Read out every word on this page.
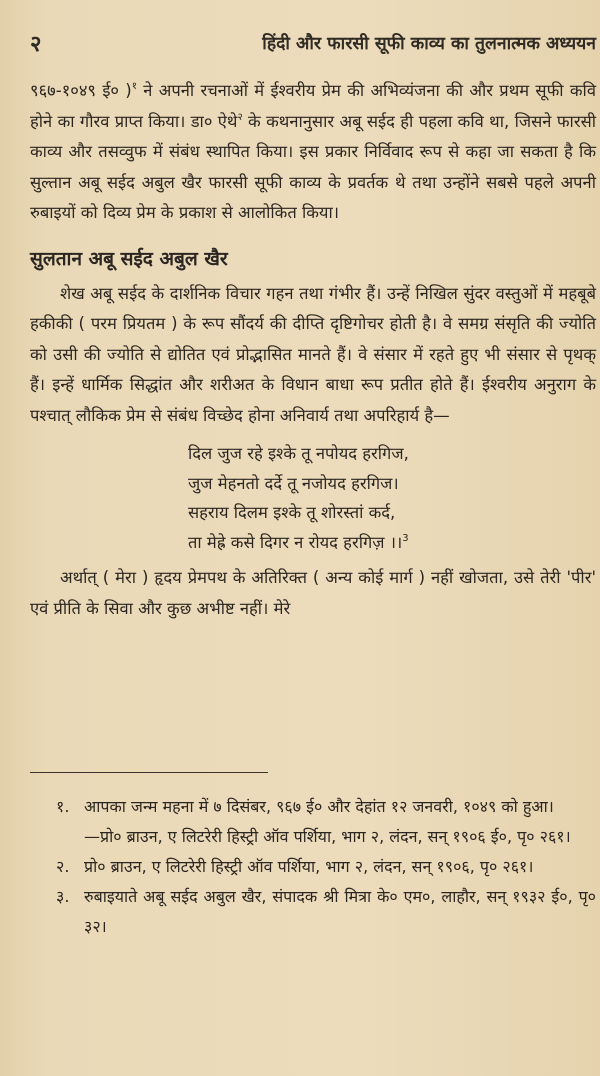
२	हिंदी और फारसी सूफी काव्य का तुलनात्मक अध्ययन

९६७-१०४९ ई० )$^१$ ने अपनी रचनाओं में ईश्वरीय प्रेम की अभिव्यंजना की और प्रथम सूफी कवि होने का गौरव प्राप्त किया। डा० ऐथे$^२$ के कथनानुसार अबू सईद ही पहला कवि था, जिसने फारसी काव्य और तसव्वुफ में संबंध स्थापित किया। इस प्रकार निर्विवाद रूप से कहा जा सकता है कि सुल्तान अबू सईद अबुल खैर फारसी सूफी काव्य के प्रवर्तक थे तथा उन्होंने सबसे पहले अपनी रुबाइयों को दिव्य प्रेम के प्रकाश से आलोकित किया।

सुलतान अबू सईद अबुल खैर

शेख अबू सईद के दार्शनिक विचार गहन तथा गंभीर हैं। उन्हें निखिल सुंदर वस्तुओं में महबूबे हकीकी ( परम प्रियतम ) के रूप सौंदर्य की दीप्ति दृष्टिगोचर होती है। वे समग्र संसृति की ज्योति को उसी की ज्योति से द्योतित एवं प्रोद्भासित मानते हैं। वे संसार में रहते हुए भी संसार से पृथक् हैं। इन्हें धार्मिक सिद्धांत और शरीअत के विधान बाधा रूप प्रतीत होते हैं। ईश्वरीय अनुराग के पश्चात् लौकिक प्रेम से संबंध विच्छेद होना अनिवार्य तथा अपरिहार्य है—

दिल जुज रहे इश्के तू नपोयद हरगिज,
जुज मेहनतो दर्दे तू नजोयद हरगिज।
सहराय दिलम इश्के तू शोरस्तां कर्द,
ता मेह्रे कसे दिगर न रोयद हरगिज़ ।।$^3$

अर्थात् ( मेरा ) हृदय प्रेमपथ के अतिरिक्त ( अन्य कोई मार्ग ) नहीं खोजता, उसे तेरी 'पीर' एवं प्रीति के सिवा और कुछ अभीष्ट नहीं। मेरे

१. आपका जन्म महना में ७ दिसंबर, ९६७ ई० और देहांत १२ जनवरी, १०४९ को हुआ।
—प्रो० ब्राउन, ए लिटरेरी हिस्ट्री ऑव पर्शिया, भाग २, लंदन, सन् १९०६ ई०, पृ० २६१।
२. प्रो० ब्राउन, ए लिटरेरी हिस्ट्री ऑव पर्शिया, भाग २, लंदन, सन् १९०६, पृ० २६१।
३. रुबाइयाते अबू सईद अबुल खैर, संपादक श्री मित्रा के० एम०, लाहौर, सन् १९३२ ई०, पृ० ३२।
